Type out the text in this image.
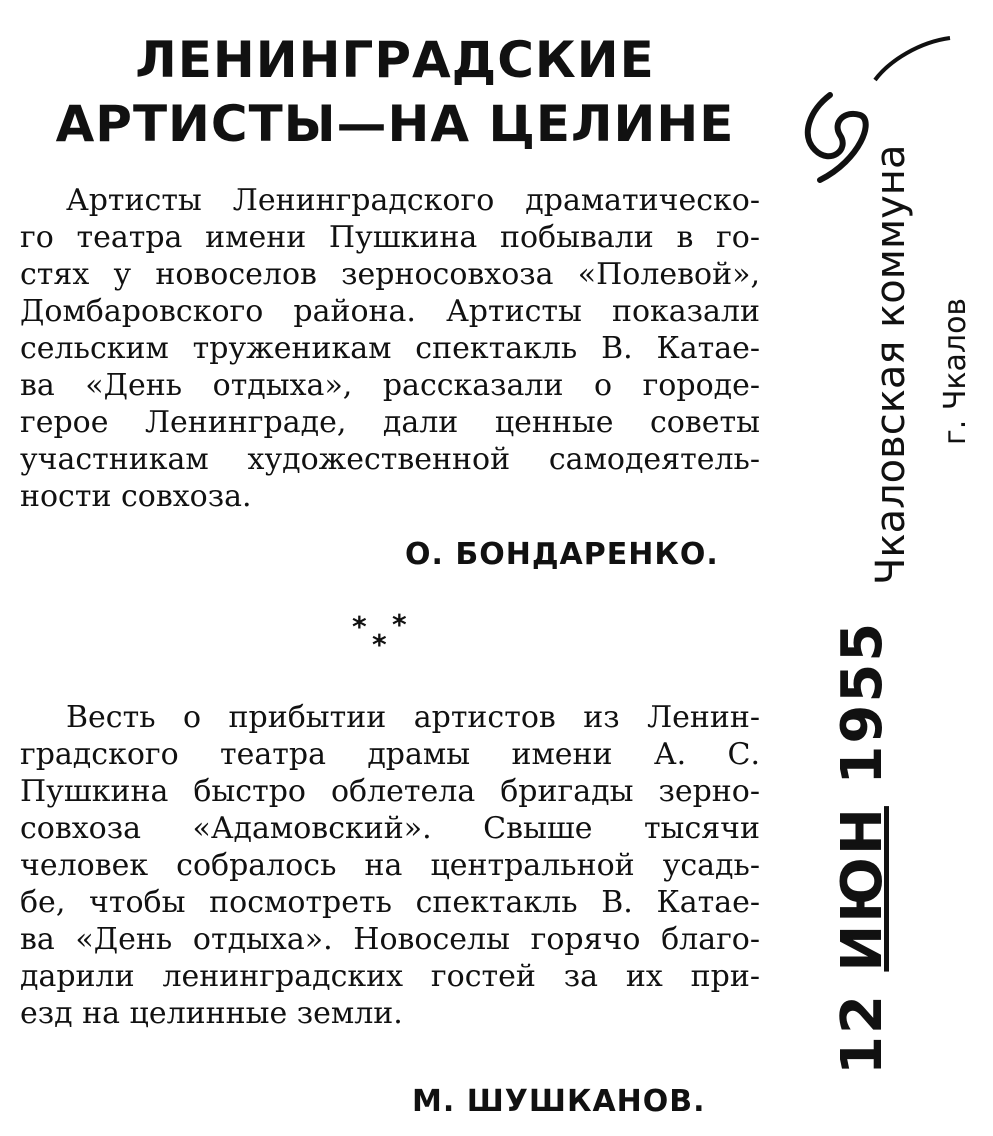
ЛЕНИНГРАДСКИЕ
АРТИСТЫ—НА ЦЕЛИНЕ
Артисты Ленинградского драматическо-
го театра имени Пушкина побывали в го-
стях у новоселов зерносовхоза «Полевой»,
Домбаровского района. Артисты показали
сельским труженикам спектакль В. Катае-
ва «День отдыха», рассказали о городе-
герое Ленинграде, дали ценные советы
участникам художественной самодеятель-
ности совхоза.
О. БОНДАРЕНКО.
* *
*
Весть о прибытии артистов из Ленин-
градского театра драмы имени А. С.
Пушкина быстро облетела бригады зерно-
совхоза «Адамовский». Свыше тысячи
человек собралось на центральной усадь-
бе, чтобы посмотреть спектакль В. Катае-
ва «День отдыха». Новоселы горячо благо-
дарили ленинградских гостей за их при-
езд на целинные земли.
М. ШУШКАНОВ.
Чкаловская коммуна г. Чкалов
12 ИЮН 1955
